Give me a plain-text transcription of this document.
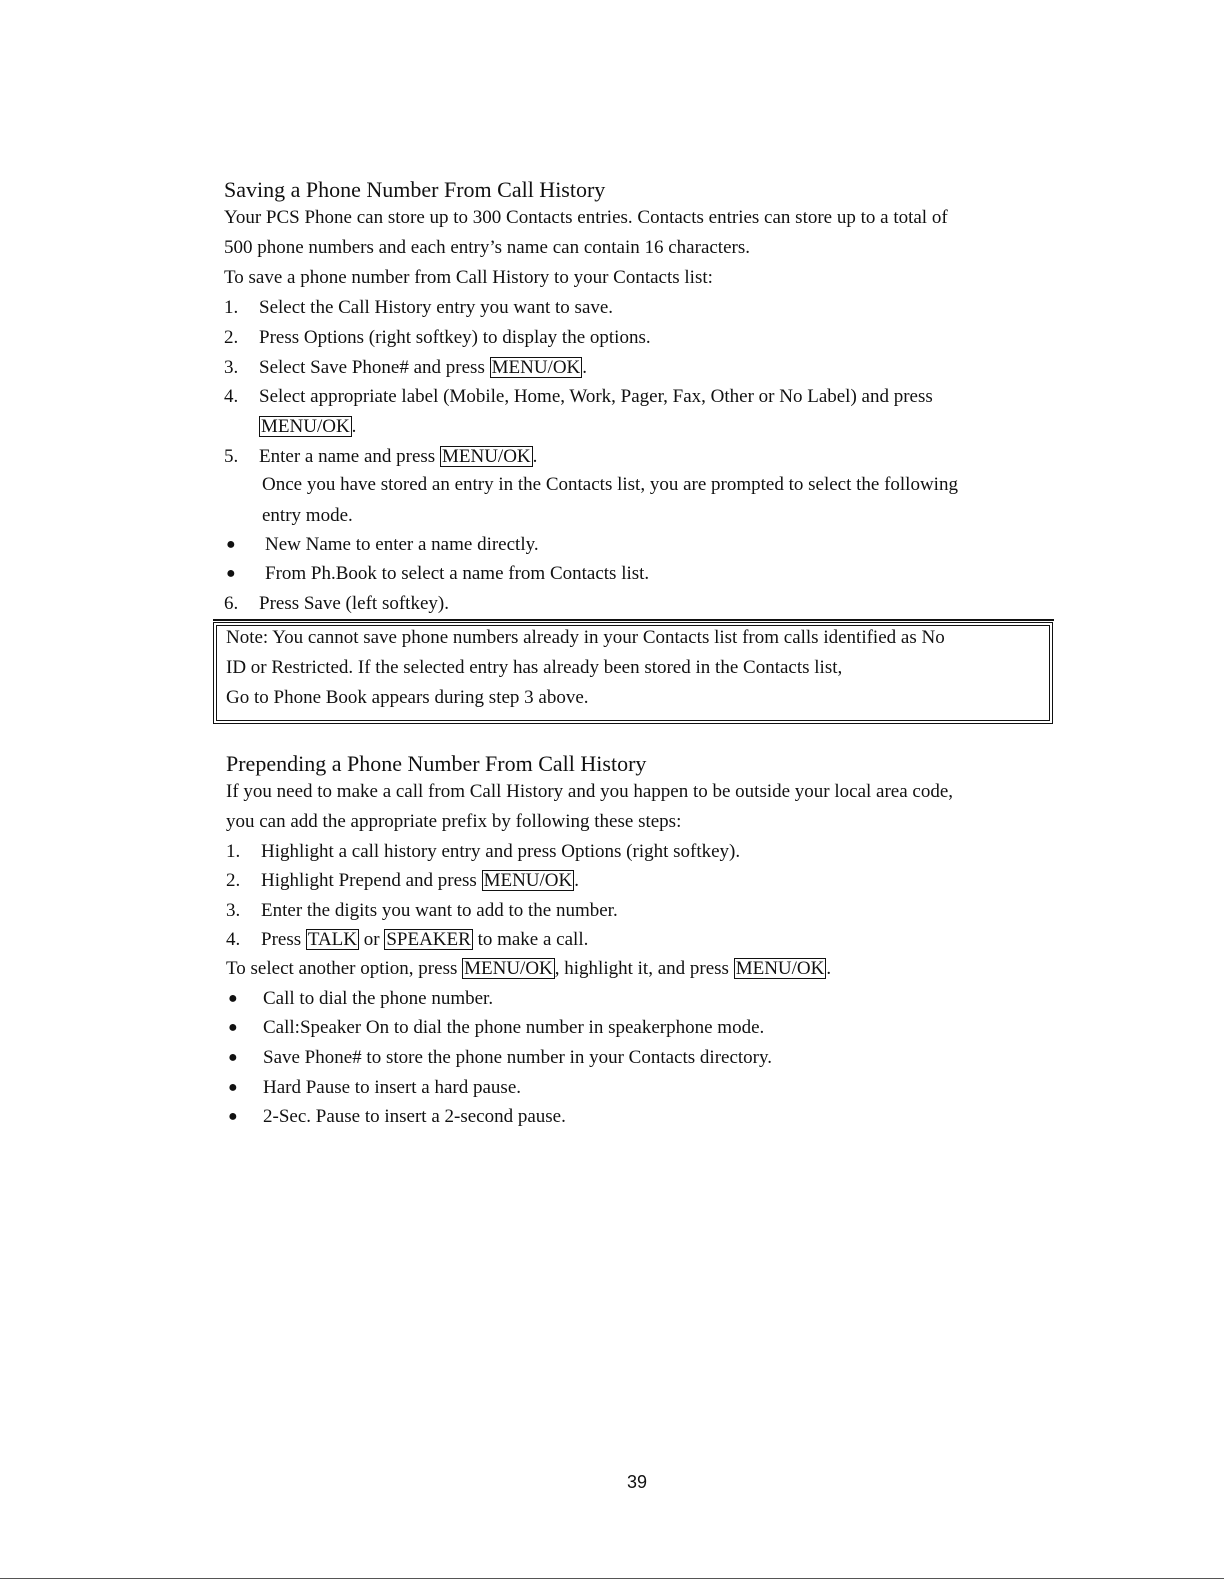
Saving a Phone Number From Call History
Your PCS Phone can store up to 300 Contacts entries. Contacts entries can store up to a total of
500 phone numbers and each entry’s name can contain 16 characters.
To save a phone number from Call History to your Contacts list:
1. Select the Call History entry you want to save.
2. Press Options (right softkey) to display the options.
3. Select Save Phone# and press MENU/OK .
4. Select appropriate label (Mobile, Home, Work, Pager, Fax, Other or No Label) and press
MENU/OK .
5. Enter a name and press MENU/OK .
Once you have stored an entry in the Contacts list, you are prompted to select the following
entry mode.
● New Name to enter a name directly.
● From Ph.Book to select a name from Contacts list.
6. Press Save (left softkey).
Note: You cannot save phone numbers already in your Contacts list from calls identified as No
ID or Restricted. If the selected entry has already been stored in the Contacts list,
Go to Phone Book appears during step 3 above.
Prepending a Phone Number From Call History
If you need to make a call from Call History and you happen to be outside your local area code,
you can add the appropriate prefix by following these steps:
1. Highlight a call history entry and press Options (right softkey).
2. Highlight Prepend and press MENU/OK .
3. Enter the digits you want to add to the number.
4. Press TALK or SPEAKER to make a call.
To select another option, press MENU/OK , highlight it, and press MENU/OK .
● Call to dial the phone number.
● Call:Speaker On to dial the phone number in speakerphone mode.
● Save Phone# to store the phone number in your Contacts directory.
● Hard Pause to insert a hard pause.
● 2-Sec. Pause to insert a 2-second pause.
39
